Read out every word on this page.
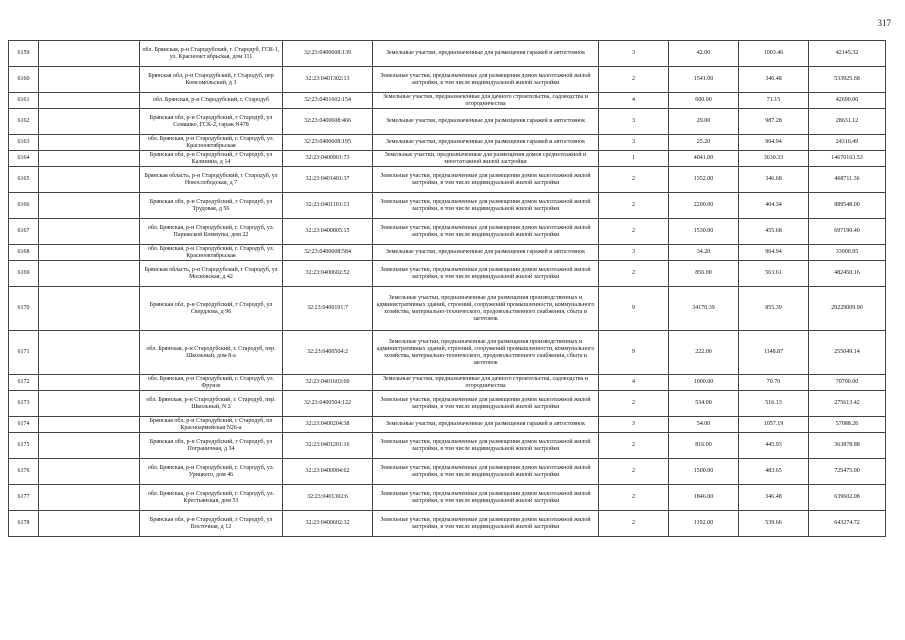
317
6159		обл. Брянская, р-н Стародубский, г. Стародуб, ГСК-1, ул. Красноокт ябрьская, дом 111	32:23:0400608:139	Земельные участки, предназначенные для размещения гаражей и автостоянок	3	42.00	1003.46	42145.32
6160		Брянская обл, р-н Стародубский, г Стародуб, пер Комсомольский, д 3	32:23:0401302:13	Земельные участки, предназначенные для размещения домов малоэтажной жилой застройки, в том числе индивидуальной жилой застройки	2	1541.00	346.48	533925.68
6161		обл. Брянская, р-н Стародубский, г. Стародуб	32:23:0401602:154	Земельные участки, предназначенные для дачного строительства, садоводства и огородничества	4	600.00	71.15	42690.00
6162		Брянская обл, р-н Стародубский, г Стародуб, ул Семашко, ГСК-2, гараж N478	32:23:0400608:466	Земельные участки, предназначенные для размещения гаражей и автостоянок	3	29.00	987.28	28631.12
6163		обл. Брянская, р-н Стародубский, г. Стародуб, ул. Краснооктябрьская	32:23:0400608:195	Земельные участки, предназначенные для размещения гаражей и автостоянок	3	25.20	964.94	24316.49
6164		Брянская обл, р-н Стародубский, г Стародуб, ул Калинина, д 14	32:23:0400901:73	Земельные участки, предназначенные для размещения домов среднеэтажной и многоэтажной жилой застройки	1	4041.00	3630.33	14670163.53
6165		Брянская область, р-н Стародубский, г Стародуб, ул Новослободская, д 7	32:23:0401401:37	Земельные участки, предназначенные для размещения домов малоэтажной жилой застройки, в том числе индивидуальной жилой застройки	2	1352.00	346.68	468711.36
6166		Брянская обл, р-н Стародубский, г Стародуб, ул Трудовая, д 56	32:23:0401101:13	Земельные участки, предназначенные для размещения домов малоэтажной жилой застройки, в том числе индивидуальной жилой застройки	2	2200.00	404.34	889548.00
6167		обл. Брянская, р-н Стародубский, г. Стародуб, ул. Парижской Коммуны, дом 22	32:23:0400805:15	Земельные участки, предназначенные для размещения домов малоэтажной жилой застройки, в том числе индивидуальной жилой застройки	2	1530.00	455.68	697190.40
6168		обл. Брянская, р-н Стародубский, г. Стародуб, ул. Краснооктябрьская	32:23:0400608:584	Земельные участки, предназначенные для размещения гаражей и автостоянок	3	34.20	964.94	33000.95
6169		Брянская область, р-н Стародубский, г Стародуб, ул Московская, д 42	32:23:0400602:52	Земельные участки, предназначенные для размещения домов малоэтажной жилой застройки, в том числе индивидуальной жилой застройки	2	856.00	563.61	482450.16
6170		Брянская обл, р-н Стародубский, г Стародуб, ул Свердлова, д 96	32:23:0400101:7	Земельные участки, предназначенные для размещения производственных и административных зданий, строений, сооружений промышленности, коммунального хозяйства, материально-технического, продовольственного снабжения, сбыта и заготовок	9	34170.39	855.39	29229009.90
6171		обл. Брянская, р-н Стародубский, г. Стародуб, пер. Школьный, дом 8-а	32:23:0400504:2	Земельные участки, предназначенные для размещения производственных и административных зданий, строений, сооружений промышленности, коммунального хозяйства, материально-технического, продовольственного снабжения, сбыта и заготовок	9	222.00	1148.87	255049.14
6172		обл. Брянская, р-н Стародубский, г. Стародуб, ул. Фрунзе	32:23:0401603:60	Земельные участки, предназначенные для дачного строительства, садоводства и огородничества	4	1000.00	70.70	70700.00
6173		обл. Брянская, р-н Стародубский, г. Стародуб, пер. Школьный, N 2	32:23:0400504:122	Земельные участки, предназначенные для размещения домов малоэтажной жилой застройки, в том числе индивидуальной жилой застройки	2	534.00	516.13	275613.42
6174		Брянская обл, р-н Стародубский, г Стародуб, пл Красноармейская N26-а	32:23:0400204:38	Земельные участки, предназначенные для размещения гаражей и автостоянок	3	54.00	1057.19	57088.26
6175		Брянская обл, р-н Стародубский, г Стародуб, ул Пограничная, д 34	32:23:0401201:16	Земельные участки, предназначенные для размещения домов малоэтажной жилой застройки, в том числе индивидуальной жилой застройки	2	816.00	445.93	363878.88
6176		обл. Брянская, р-н Стародубский, г. Стародуб, ул. Урицкого, дом 46	32:23:0400904:62	Земельные участки, предназначенные для размещения домов малоэтажной жилой застройки, в том числе индивидуальной жилой застройки	2	1500.00	483.65	725475.00
6177		обл. Брянская, р-н Стародубский, г. Стародуб, ул. Крестьянская, дом 53	32:23:0401302:6	Земельные участки, предназначенные для размещения домов малоэтажной жилой застройки, в том числе индивидуальной жилой застройки	2	1846.00	346.48	639602.08
6178		Брянская обл, р-н Стародубский, г Стародуб, ул Восточная, д 12	32:23:0400602:32	Земельные участки, предназначенные для размещения домов малоэтажной жилой застройки, в том числе индивидуальной жилой застройки	2	1192.00	539.66	643274.72
